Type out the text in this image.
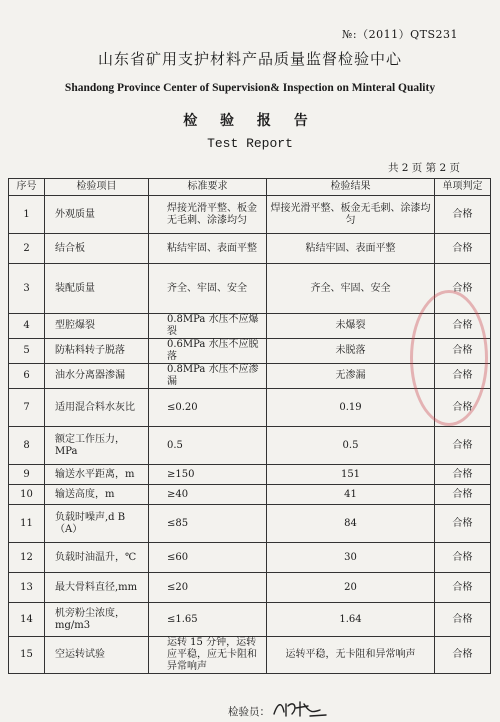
№:（2011）QTS231
山东省矿用支护材料产品质量监督检验中心
Shandong Province Center of Supervision& Inspection on Minteral Quality
检 验 报 告
Test Report
共 2 页 第 2 页
序号	检验项目	标准要求	检验结果	单项判定
1	外观质量	焊接光滑平整、板金无毛刺、涂漆均匀	焊接光滑平整、板金无毛刺、涂漆均匀	合格
2	结合板	粘结牢固、表面平整	粘结牢固、表面平整	合格
3	装配质量	齐全、牢固、安全	齐全、牢固、安全	合格
4	型腔爆裂	0.8MPa 水压不应爆裂	未爆裂	合格
5	防粘料转子脱落	0.6MPa 水压不应脱落	未脱落	合格
6	油水分离器渗漏	0.8MPa 水压不应渗漏	无渗漏	合格
7	适用混合料水灰比	≤0.20	0.19	合格
8	额定工作压力，MPa	0.5	0.5	合格
9	输送水平距离，m	≥150	151	合格
10	输送高度，m	≥40	41	合格
11	负载时噪声,d B（A）	≤85	84	合格
12	负载时油温升，℃	≤60	30	合格
13	最大骨料直径,mm	≤20	20	合格
14	机旁粉尘浓度，mg/m3	≤1.65	1.64	合格
15	空运转试验	运转 15 分钟，运转应平稳，应无卡阻和异常响声	运转平稳，无卡阻和异常响声	合格
检验员：
